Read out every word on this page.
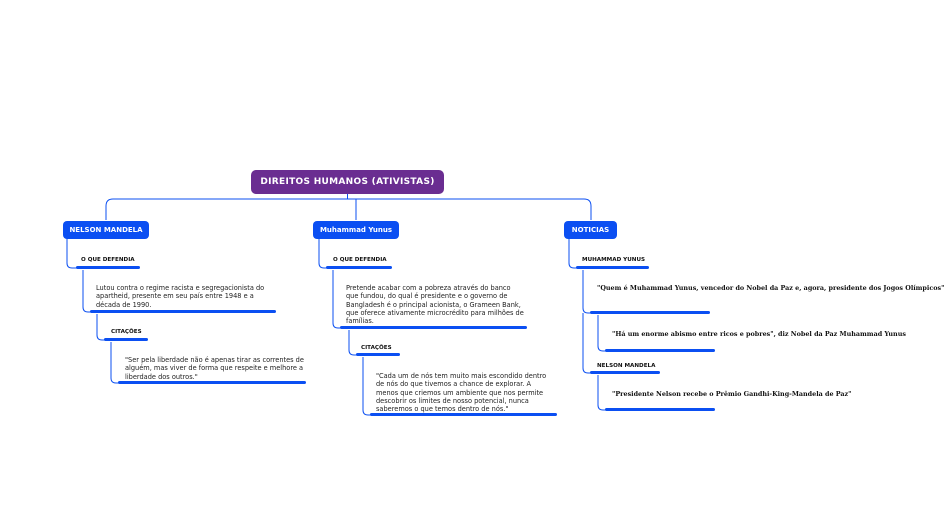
DIREITOS HUMANOS (ATIVISTAS)
NELSON MANDELA
O QUE DEFENDIA
Lutou contra o regime racista e segregacionista do apartheid, presente em seu país entre 1948 e a década de 1990.
CITAÇÕES
"Ser pela liberdade não é apenas tirar as correntes de alguém, mas viver de forma que respeite e melhore a liberdade dos outros."
Muhammad Yunus
O QUE DEFENDIA
Pretende acabar com a pobreza através do banco que fundou, do qual é presidente e o governo de Bangladesh é o principal acionista, o Grameen Bank, que oferece ativamente microcrédito para milhões de famílias.
CITAÇÕES
"Cada um de nós tem muito mais escondido dentro de nós do que tivemos a chance de explorar. A menos que criemos um ambiente que nos permite descobrir os limites de nosso potencial, nunca saberemos o que temos dentro de nós."
NOTICIAS
MUHAMMAD YUNUS
"Quem é Muhammad Yunus, vencedor do Nobel da Paz e, agora, presidente dos Jogos Olímpicos"
"Há um enorme abismo entre ricos e pobres", diz Nobel da Paz Muhammad Yunus
NELSON MANDELA
"Presidente Nelson recebe o Prêmio Gandhi-King-Mandela de Paz"
